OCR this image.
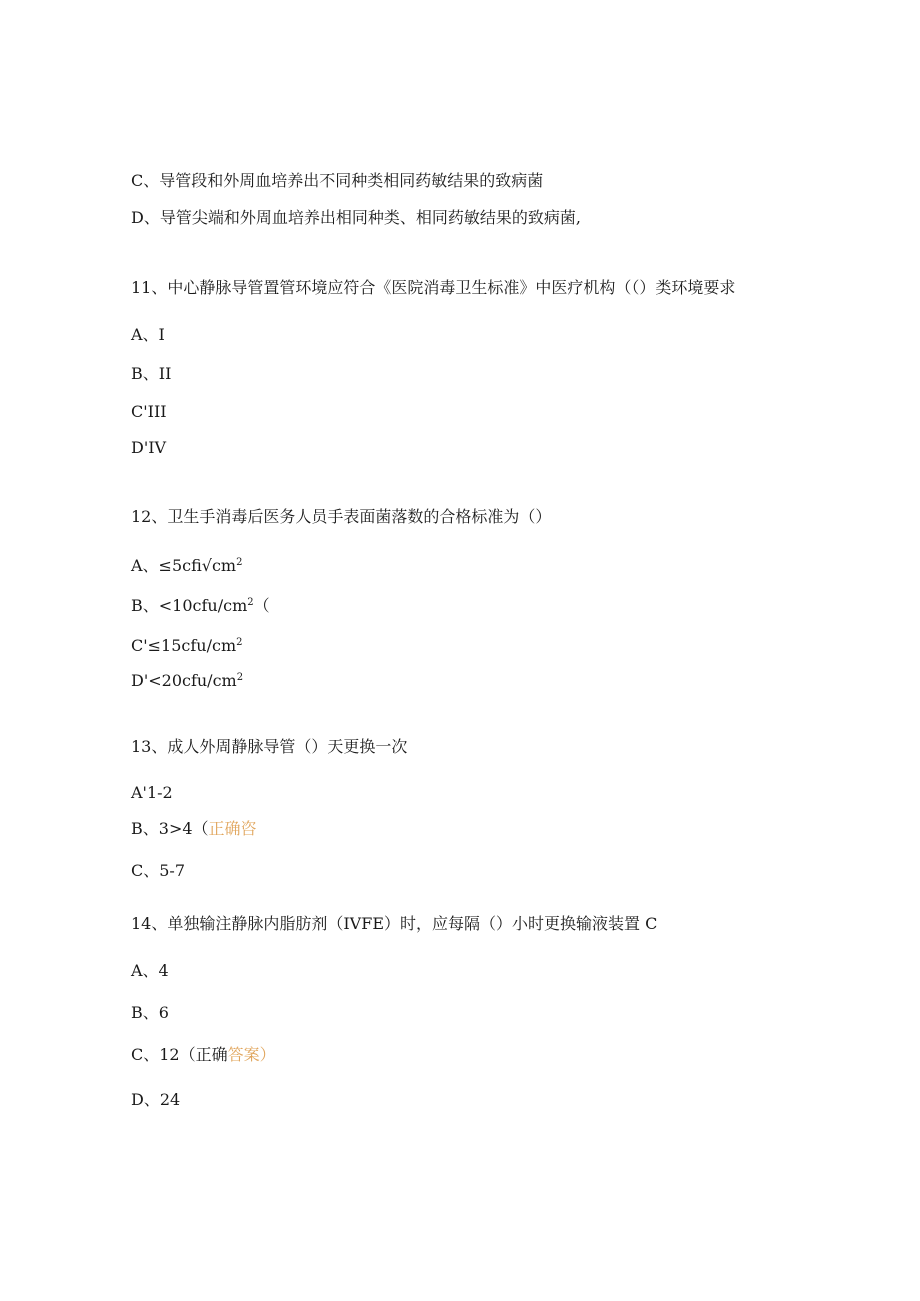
C、导管段和外周血培养出不同种类相同药敏结果的致病菌
D、导管尖端和外周血培养出相同种类、相同药敏结果的致病菌,
11、中心静脉导管置管环境应符合《医院消毒卫生标准》中医疗机构（（）类环境要求
A、I
B、II
C'III
D'IV
12、卫生手消毒后医务人员手表面菌落数的合格标准为（）
A、$\le 5cfi√cm^2$
B、$<10cfu∕cm^2$（
$C'\le 15cfu∕cm^2$
$D'<20cfu∕cm^2$
13、成人外周静脉导管（）天更换一次
A'1-2
B、3>4（正确咨
C、5-7
14、单独输注静脉内脂肪剂（IVFE）时，应每隔（）小时更换输液装置 C
A、4
B、6
C、12（正确答案）
D、24
